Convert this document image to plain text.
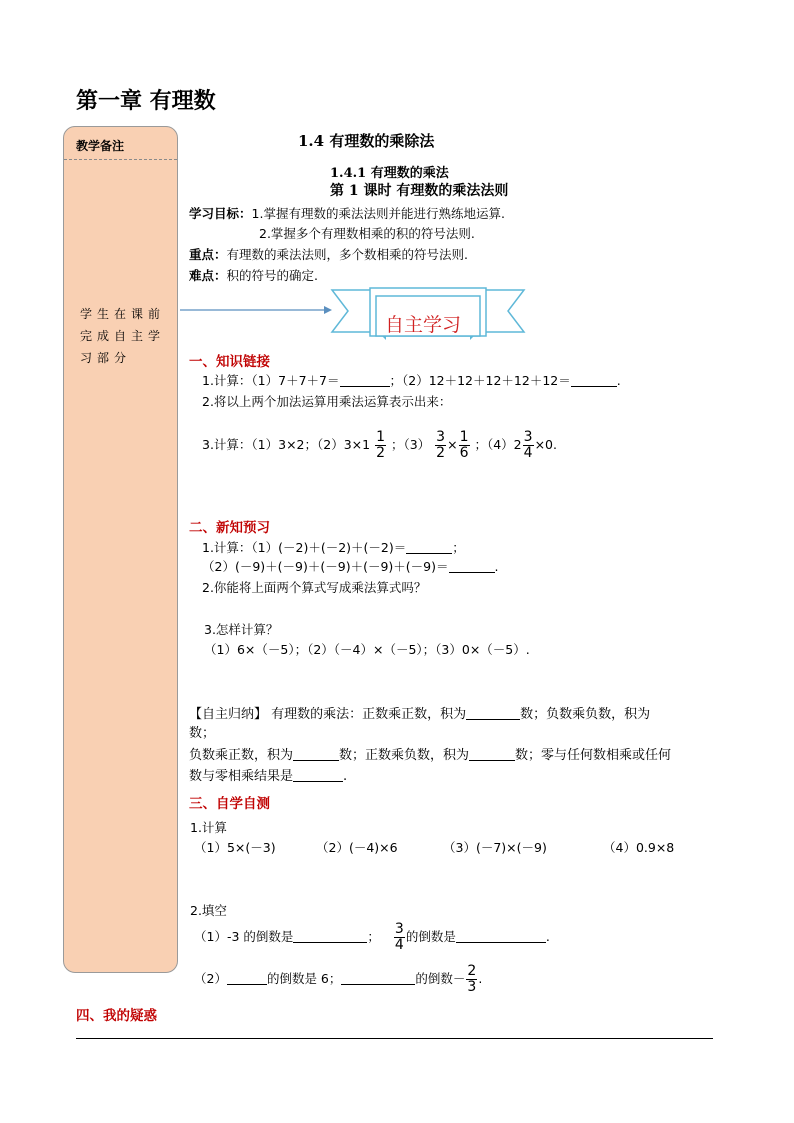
第一章 有理数
教学备注
学生在课前完成自主学习部分
1.4 有理数的乘除法
1.4.1 有理数的乘法
第 1 课时 有理数的乘法法则
学习目标：1.掌握有理数的乘法法则并能进行熟练地运算.
2.掌握多个有理数相乘的积的符号法则.
重点：有理数的乘法法则，多个数相乘的符号法则.
难点：积的符号的确定.
自主学习
一、知识链接
1.计算：（1）7＋7＋7＝	；（2）12＋12＋12＋12＋12＝	.
2.将以上两个加法运算用乘法运算表示出来：
3.计算：（1）3×2；$(2)3\times 1 \frac{1}{2}$ ；$(3) \frac{3}{2} \times \frac{1}{6}$ ；$(4)2 \frac{3}{4} \times 0$.
二、新知预习
1.计算：（1）(－2)＋(－2)＋(－2)＝	；
（2）(－9)＋(－9)＋(－9)＋(－9)＋(－9)＝	.
2.你能将上面两个算式写成乘法算式吗？
3.怎样计算？
（1）6×（－5）；（2）（－4）×（－5）；（3）0×（－5）.
【自主归纳】 有理数的乘法：正数乘正数，积为	数；负数乘负数，积为
数；
负数乘正数，积为	数；正数乘负数，积为	数；零与任何数相乘或任何
数与零相乘结果是	.
三、自学自测
1.计算
（1）5×(－3)	（2）(－4)×6	（3）(－7)×(－9)	（4）0.9×8
2.填空
（1）-3 的倒数是	； $\frac{3}{4}$ 的倒数是	.
（2）	的倒数是 6；	的倒数－ $\frac{2}{3}$ .
四、我的疑惑
